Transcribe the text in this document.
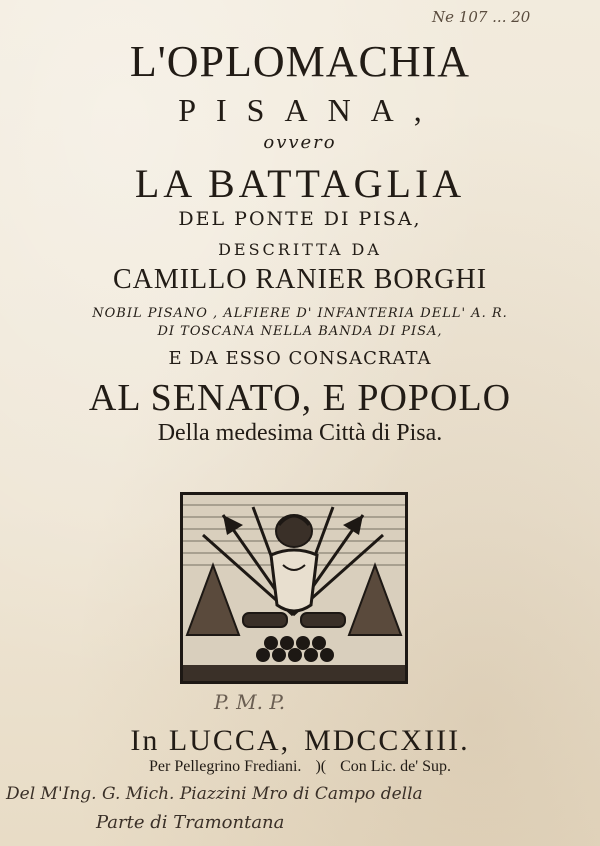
Ne 107 ... 20
L'OPLOMACHIA
PISANA,
ovvero
LA BATTAGLIA
DEL PONTE DI PISA,
DESCRITTA DA
CAMILLO RANIER BORGHI
NOBIL PISANO , ALFIERE D' INFANTERIA DELL' A. R.
DI TOSCANA NELLA BANDA DI PISA,
E DA ESSO CONSACRATA
AL SENATO, E POPOLO
Della medesima Città di Pisa.
P. M. P.
In LUCCA, MDCCXIII.
Per Pellegrino Frediani. )( Con Lic. de' Sup.
Del M'Ing. G. Mich. Piazzini Mro di Campo della
Parte di Tramontana
